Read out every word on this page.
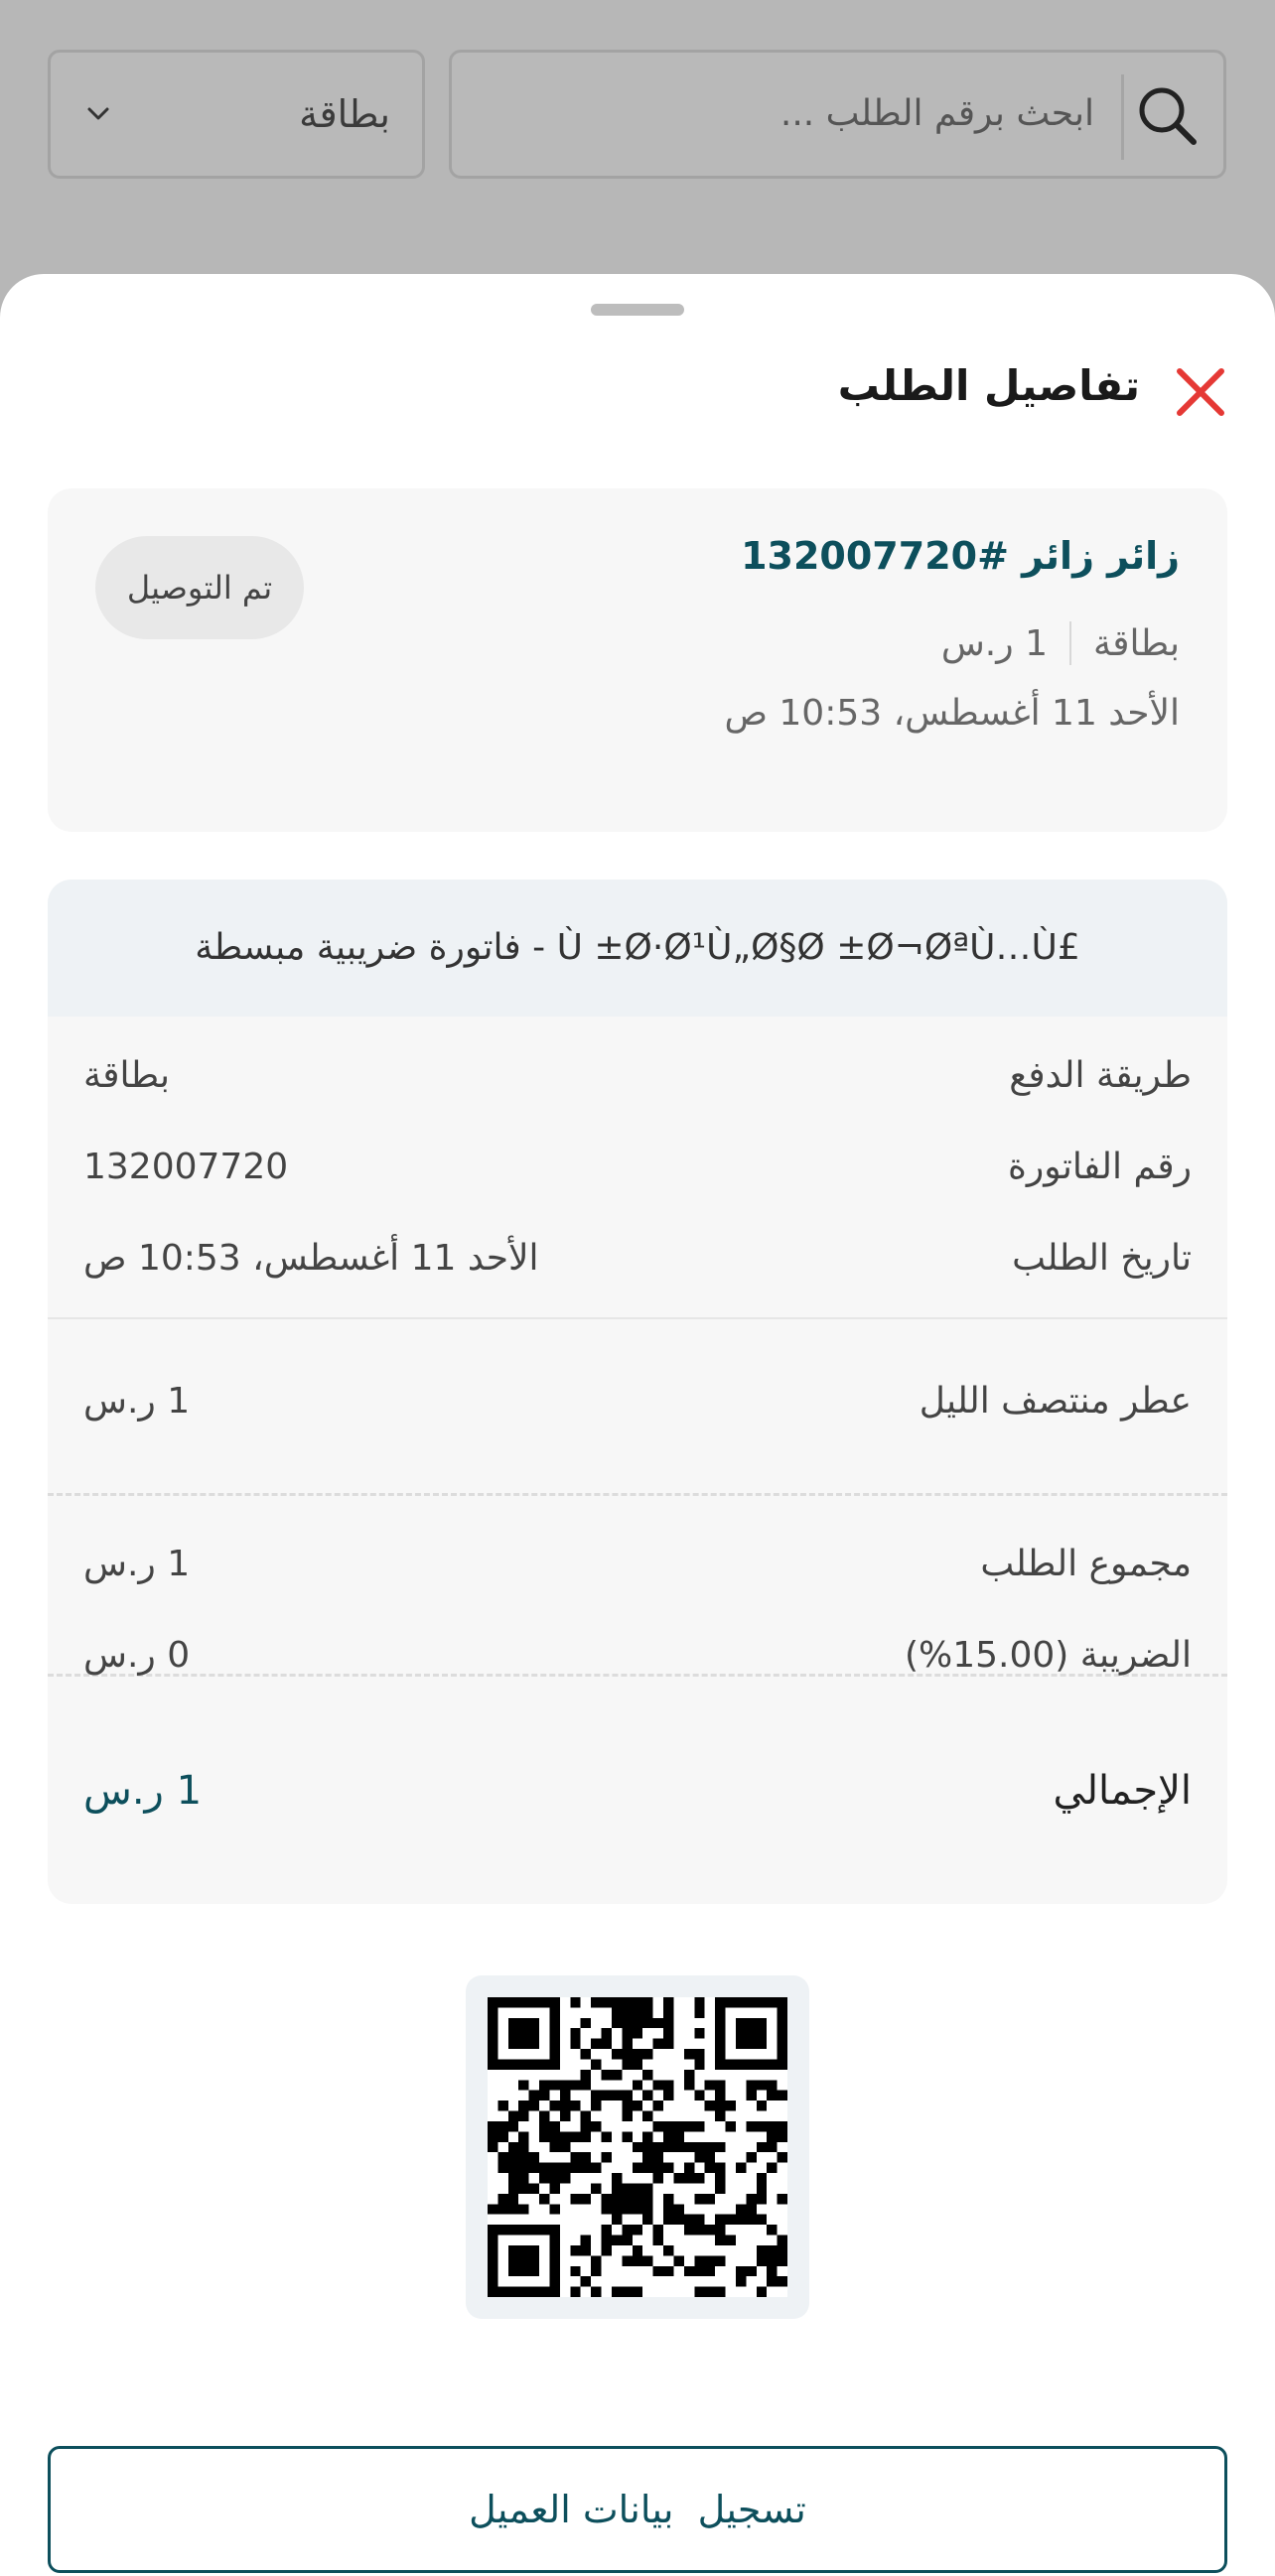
ابحث برقم الطلب ...
بطاقة
تفاصيل الطلب
زائر زائر #132007720
تم التوصيل
بطاقة
1 ر.س
الأحد 11 أغسطس، 10:53 ص
فاتورة ضريبية مبسطة - Ù ±Ø·Ø¹Ù„Ø§Ø ±Ø¬ØªÙ…Ù£
طريقة الدفع
بطاقة
رقم الفاتورة
132007720
تاريخ الطلب
الأحد 11 أغسطس، 10:53 ص
عطر منتصف الليل
1 ر.س
مجموع الطلب
1 ر.س
الضريبة (15.00%)
0 ر.س
الإجمالي
1 ر.س
تسجيل  بيانات العميل
